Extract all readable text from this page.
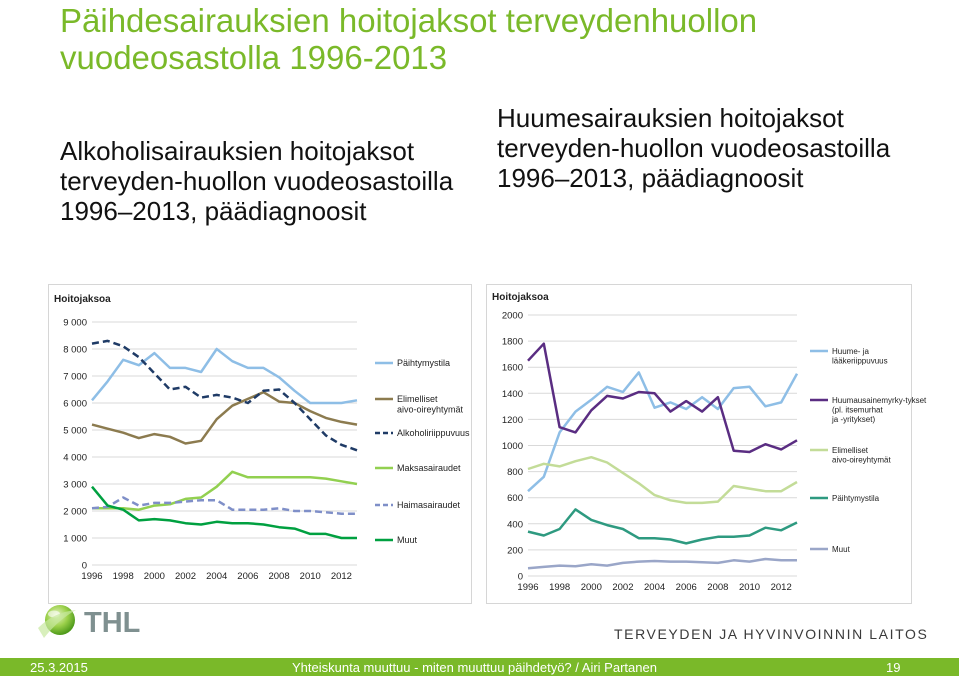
Päihdesairauksien hoitojaksot terveydenhuollon vuodeosastolla 1996-2013
Alkoholisairauksien hoitojaksot terveyden-huollon vuodeosastoilla 1996–2013, päädiagnoosit
Huumesairauksien hoitojaksot terveyden-huollon vuodeosastoilla 1996–2013, päädiagnoosit
Hoitojaksoa
0
1 000
2 000
3 000
4 000
5 000
6 000
7 000
8 000
9 000
1996 1998 2000 2002 2004 2006 2008 2010 2012
Päihtymystila
Elimelliset aivo-oireyhtymät
Alkoholiriippuvuus
Maksasairaudet
Haimasairaudet
Muut
Hoitojaksoa
0
200
400
600
800
1000
1200
1400
1600
1800
2000
1996 1998 2000 2002 2004 2006 2008 2010 2012
Huume- ja lääkeriippuvuus
Huumausainemyrky-tykset (pl. itsemurhat ja -yritykset)
Elimelliset aivo-oireyhtymät
Päihtymystila
Muut
THL	TERVEYDEN JA HYVINVOINNIN LAITOS
25.3.2015	Yhteiskunta muuttuu - miten muuttuu päihdetyö? / Airi Partanen	19
